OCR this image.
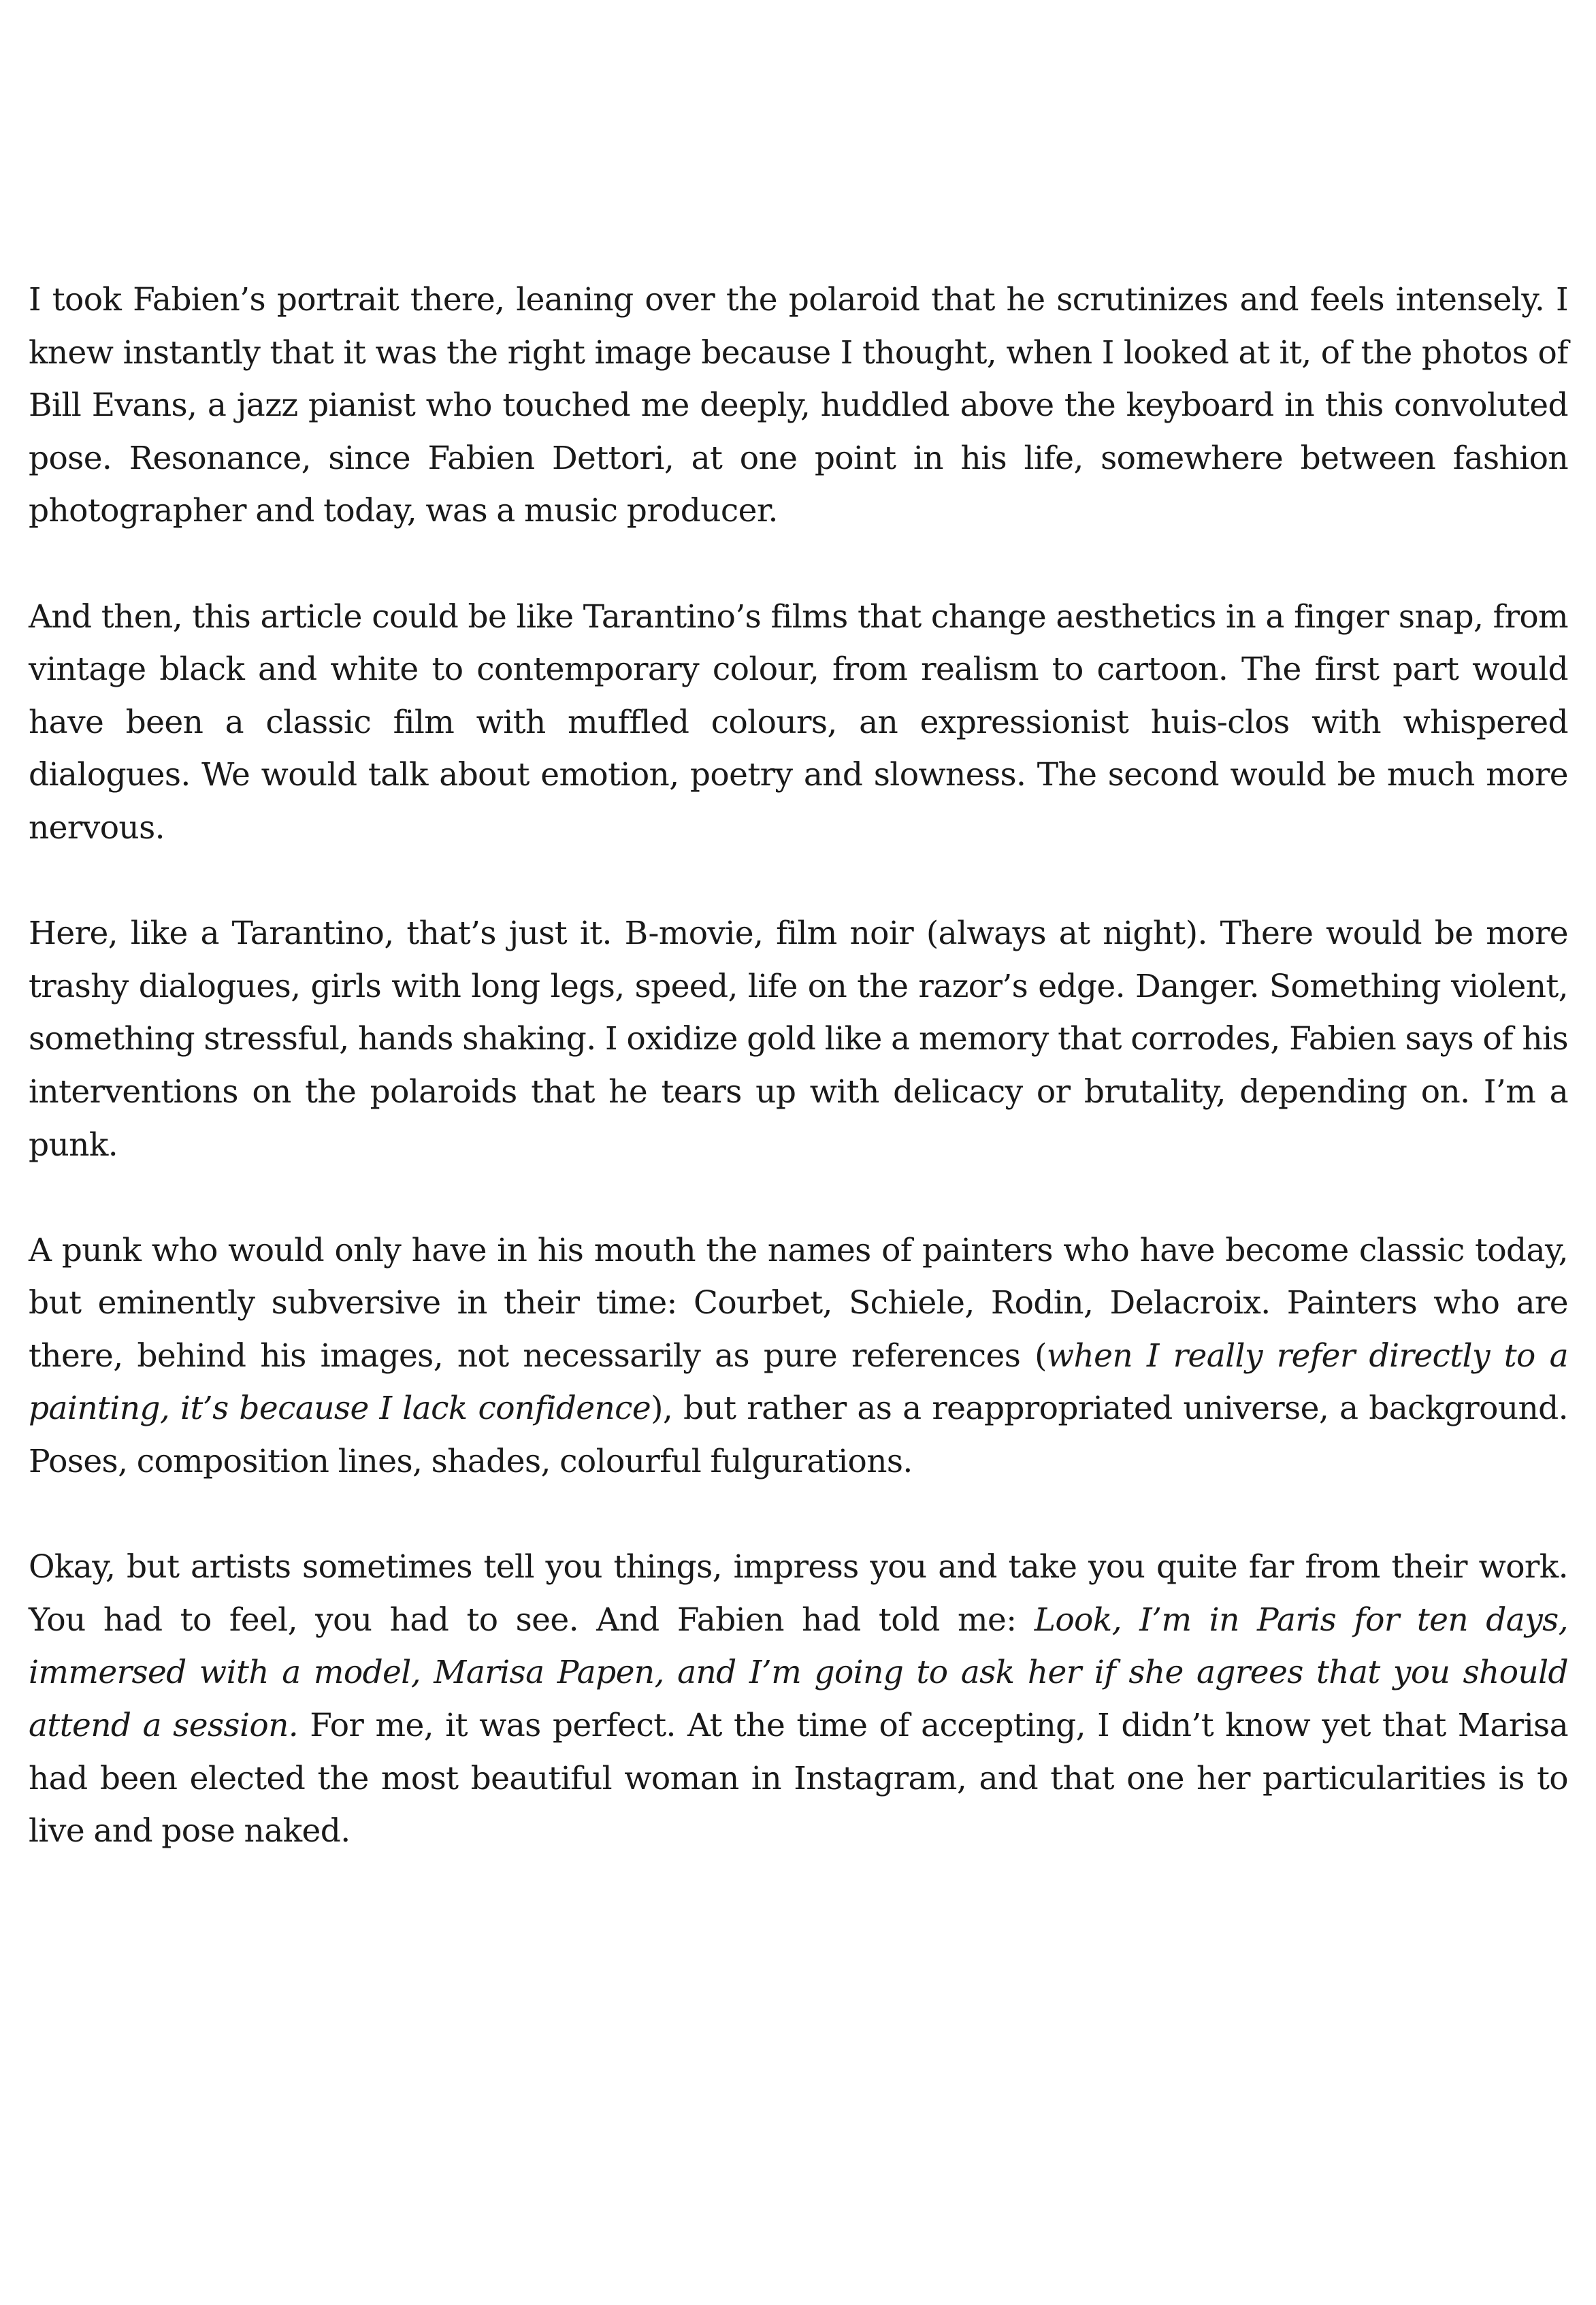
I took Fabien’s portrait there, leaning over the polaroid that he scrutinizes and feels intensely. I knew instantly that it was the right image because I thought, when I looked at it, of the photos of Bill Evans, a jazz pianist who touched me deeply, huddled above the keyboard in this convoluted pose. Resonance, since Fabien Dettori, at one point in his life, somewhere between fashion photographer and today, was a music producer.

And then, this article could be like Tarantino’s films that change aesthetics in a finger snap, from vintage black and white to contemporary colour, from realism to cartoon. The first part would have been a classic film with muffled colours, an expressionist huis-clos with whispered dialogues. We would talk about emotion, poetry and slowness. The second would be much more nervous.

Here, like a Tarantino, that’s just it. B-movie, film noir (always at night). There would be more trashy dialogues, girls with long legs, speed, life on the razor’s edge. Danger. Something violent, something stressful, hands shaking. I oxidize gold like a memory that corrodes, Fabien says of his interventions on the polaroids that he tears up with delicacy or brutality, depending on. I’m a punk.

A punk who would only have in his mouth the names of painters who have become classic today, but eminently subversive in their time: Courbet, Schiele, Rodin, Delacroix. Painters who are there, behind his images, not necessarily as pure references (when I really refer directly to a painting, it’s because I lack confidence), but rather as a reappropriated universe, a background. Poses, composition lines, shades, colourful fulgurations.

Okay, but artists sometimes tell you things, impress you and take you quite far from their work. You had to feel, you had to see. And Fabien had told me: Look, I’m in Paris for ten days, immersed with a model, Marisa Papen, and I’m going to ask her if she agrees that you should attend a session. For me, it was perfect. At the time of accepting, I didn’t know yet that Marisa had been elected the most beautiful woman in Instagram, and that one her particularities is to live and pose naked.
